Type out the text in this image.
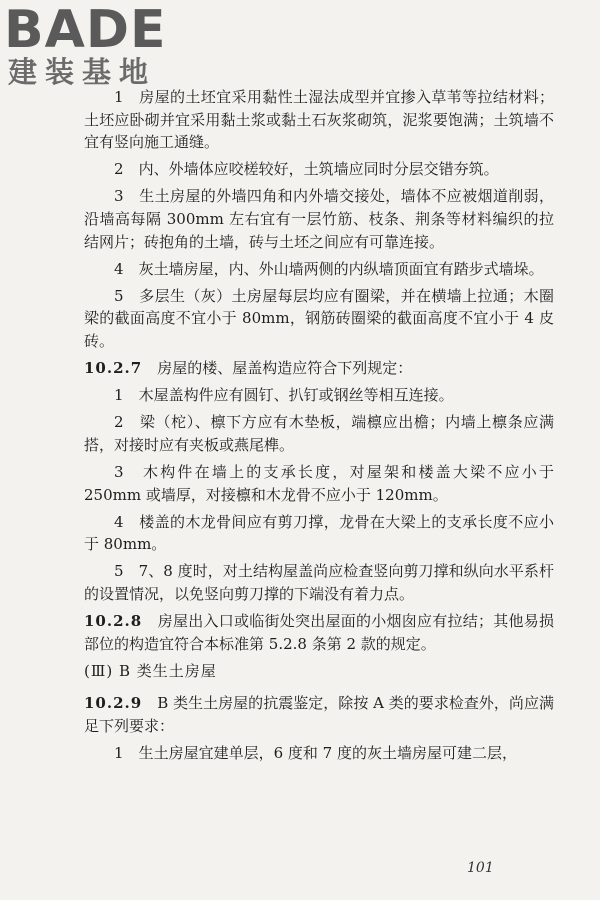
BADE
建装基地

1　 房屋的土坯宜采用黏性土湿法成型并宜掺入草苇等拉结材料；土坯应卧砌并宜采用黏土浆或黏土石灰浆砌筑，泥浆要饱满；土筑墙不宜有竖向施工通缝。

2　 内、外墙体应咬槎较好，土筑墙应同时分层交错夯筑。

3　 生土房屋的外墙四角和内外墙交接处，墙体不应被烟道削弱，沿墙高每隔 300mm 左右宜有一层竹筋、枝条、荆条等材料编织的拉结网片；砖抱角的土墙，砖与土坯之间应有可靠连接。

4　 灰土墙房屋，内、外山墙两侧的内纵墙顶面宜有踏步式墙垛。

5　 多层生（灰）土房屋每层均应有圈梁，并在横墙上拉通；木圈梁的截面高度不宜小于 80mm，钢筋砖圈梁的截面高度不宜小于 4 皮砖。

10.2.7　 房屋的楼、屋盖构造应符合下列规定：

1　 木屋盖构件应有圆钉、扒钉或钢丝等相互连接。

2　 梁（柁）、檩下方应有木垫板，端檩应出檐；内墙上檩条应满搭，对接时应有夹板或燕尾榫。

3　 木构件在墙上的支承长度，对屋架和楼盖大梁不应小于 250mm 或墙厚，对接檩和木龙骨不应小于 120mm。

4　 楼盖的木龙骨间应有剪刀撑，龙骨在大梁上的支承长度不应小于 80mm。

5　 7、8 度时，对土结构屋盖尚应检查竖向剪刀撑和纵向水平系杆的设置情况，以免竖向剪刀撑的下端没有着力点。

10.2.8　 房屋出入口或临街处突出屋面的小烟囱应有拉结；其他易损部位的构造宜符合本标准第 5.2.8 条第 2 款的规定。

(Ⅲ) B 类生土房屋

10.2.9　 B 类生土房屋的抗震鉴定，除按 A 类的要求检查外，尚应满足下列要求：

1　 生土房屋宜建单层，6 度和 7 度的灰土墙房屋可建二层，

101
